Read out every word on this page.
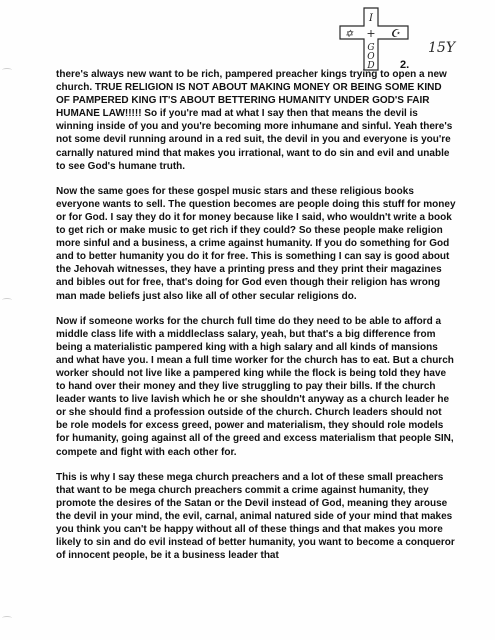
I
✡ + ☪
G
O
D
15Y
2.

there's always new want to be rich, pampered preacher kings trying to open a new church. TRUE RELIGION IS NOT ABOUT MAKING MONEY OR BEING SOME KIND OF PAMPERED KING IT'S ABOUT BETTERING HUMANITY UNDER GOD'S FAIR HUMANE LAW!!!!! So if you're mad at what I say then that means the devil is winning inside of you and you're becoming more inhumane and sinful. Yeah there's not some devil running around in a red suit, the devil in you and everyone is you're carnally natured mind that makes you irrational, want to do sin and evil and unable to see God's humane truth.

Now the same goes for these gospel music stars and these religious books everyone wants to sell. The question becomes are people doing this stuff for money or for God. I say they do it for money because like I said, who wouldn't write a book to get rich or make music to get rich if they could? So these people make religion more sinful and a business, a crime against humanity. If you do something for God and to better humanity you do it for free. This is something I can say is good about the Jehovah witnesses, they have a printing press and they print their magazines and bibles out for free, that's doing for God even though their religion has wrong man made beliefs just also like all of other secular religions do.

Now if someone works for the church full time do they need to be able to afford a middle class life with a middleclass salary, yeah, but that's a big difference from being a materialistic pampered king with a high salary and all kinds of mansions and what have you. I mean a full time worker for the church has to eat. But a church worker should not live like a pampered king while the flock is being told they have to hand over their money and they live struggling to pay their bills. If the church leader wants to live lavish which he or she shouldn't anyway as a church leader he or she should find a profession outside of the church. Church leaders should not be role models for excess greed, power and materialism, they should role models for humanity, going against all of the greed and excess materialism that people SIN, compete and fight with each other for.

This is why I say these mega church preachers and a lot of these small preachers that want to be mega church preachers commit a crime against humanity, they promote the desires of the Satan or the Devil instead of God, meaning they arouse the devil in your mind, the evil, carnal, animal natured side of your mind that makes you think you can't be happy without all of these things and that makes you more likely to sin and do evil instead of better humanity, you want to become a conqueror of innocent people, be it a business leader that
